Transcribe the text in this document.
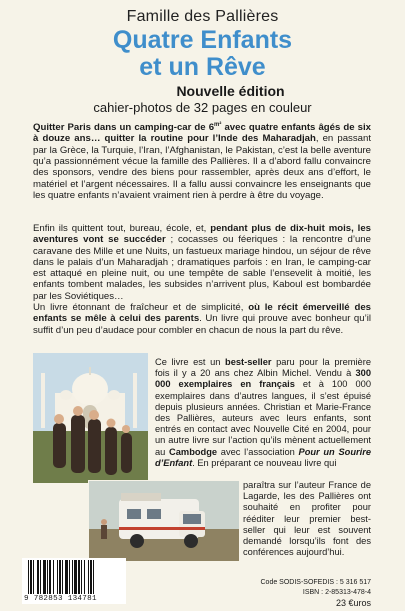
Famille des Pallières
Quatre Enfants
et un Rêve
Nouvelle édition
cahier-photos de 32 pages en couleur
Quitter Paris dans un camping-car de $6^{m^2}$ avec quatre enfants âgés de six à douze ans… quitter la routine pour l’Inde des Maharadjah, en passant par la Grèce, la Turquie, l’Iran, l’Afghanistan, le Pakistan, c’est la belle aventure qu’a passionnément vécue la famille des Pallières. Il a d’abord fallu convaincre des sponsors, vendre des biens pour rassembler, après deux ans d’effort, le matériel et l’argent nécessaires. Il a fallu aussi convaincre les enseignants que les quatre enfants n’avaient vraiment rien à perdre à être du voyage.
Enfin ils quittent tout, bureau, école, et, pendant plus de dix-huit mois, les aventures vont se succéder ; cocasses ou féeriques : la rencontre d’une caravane des Mille et une Nuits, un fastueux mariage hindou, un séjour de rêve dans le palais d’un Maharadjah ; dramatiques parfois : en Iran, le camping-car est attaqué en pleine nuit, ou une tempête de sable l’ensevelit à moitié, les enfants tombent malades, les subsides n’arrivent plus, Kaboul est bombardée par les Soviétiques…
Un livre étonnant de fraîcheur et de simplicité, où le récit émerveillé des enfants se mêle à celui des parents. Un livre qui prouve avec bonheur qu’il suffit d’un peu d’audace pour combler en chacun de nous la part du rêve.
Ce livre est un best-seller paru pour la première fois il y a 20 ans chez Albin Michel. Vendu à 300 000 exemplaires en français et à 100 000 exemplaires dans d’autres langues, il s’est épuisé depuis plusieurs années. Christian et Marie-France des Pallières, auteurs avec leurs enfants, sont entrés en contact avec Nouvelle Cité en 2004, pour un autre livre sur l’action qu’ils mènent actuellement au Cambodge avec l’association Pour un Sourire d’Enfant. En préparant ce nouveau livre qui
paraîtra sur l’auteur France de Lagarde, les des Pallières ont souhaité en profiter pour rééditer leur premier best-seller qui leur est souvent demandé lorsqu’ils font des conférences aujourd’hui.
9 782853 134781
Code SODIS-SOFEDIS : 5 316 517
ISBN : 2-85313-478-4
23 €uros
